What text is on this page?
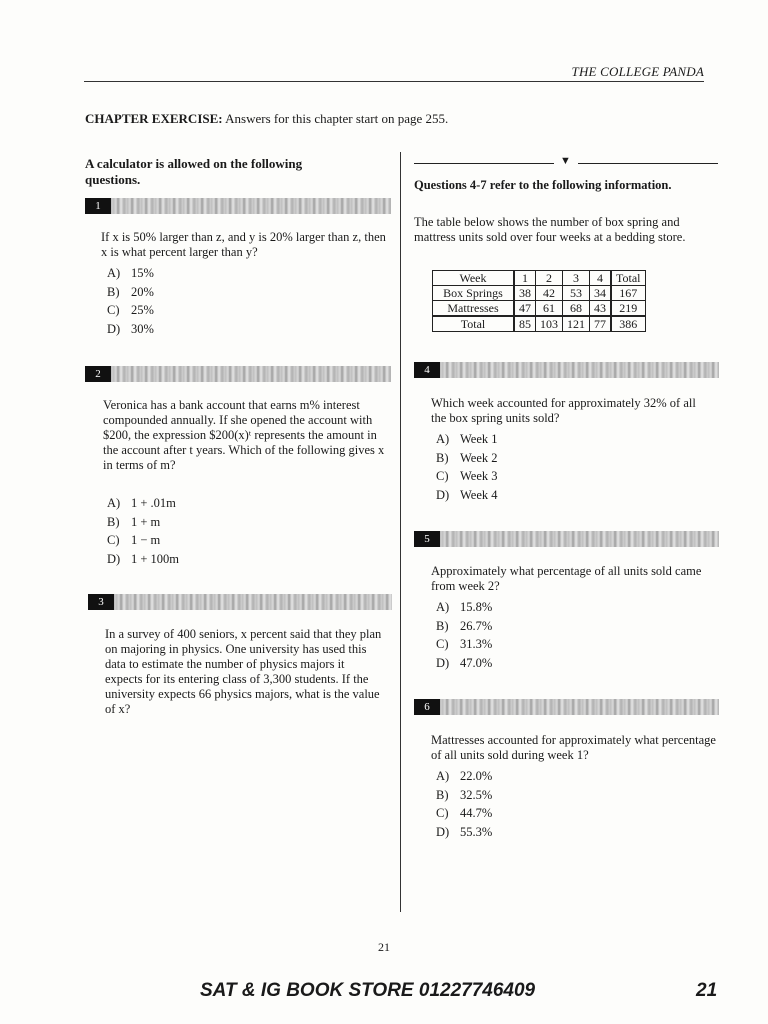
THE COLLEGE PANDA
CHAPTER EXERCISE: Answers for this chapter start on page 255.
A calculator is allowed on the following questions.
1
If x is 50% larger than z, and y is 20% larger than z, then x is what percent larger than y?
A) 15%
B) 20%
C) 25%
D) 30%
2
Veronica has a bank account that earns m% interest compounded annually. If she opened the account with $200, the expression $200(x)ᵗ represents the amount in the account after t years. Which of the following gives x in terms of m?
A) 1 + .01m
B) 1 + m
C) 1 − m
D) 1 + 100m
3
In a survey of 400 seniors, x percent said that they plan on majoring in physics. One university has used this data to estimate the number of physics majors it expects for its entering class of 3,300 students. If the university expects 66 physics majors, what is the value of x?
▼
Questions 4-7 refer to the following information.
The table below shows the number of box spring and mattress units sold over four weeks at a bedding store.
Week	1	2	3	4	Total
Box Springs	38	42	53	34	167
Mattresses	47	61	68	43	219
Total	85	103	121	77	386
4
Which week accounted for approximately 32% of all the box spring units sold?
A) Week 1
B) Week 2
C) Week 3
D) Week 4
5
Approximately what percentage of all units sold came from week 2?
A) 15.8%
B) 26.7%
C) 31.3%
D) 47.0%
6
Mattresses accounted for approximately what percentage of all units sold during week 1?
A) 22.0%
B) 32.5%
C) 44.7%
D) 55.3%
21
SAT & IG BOOK STORE 01227746409	21
